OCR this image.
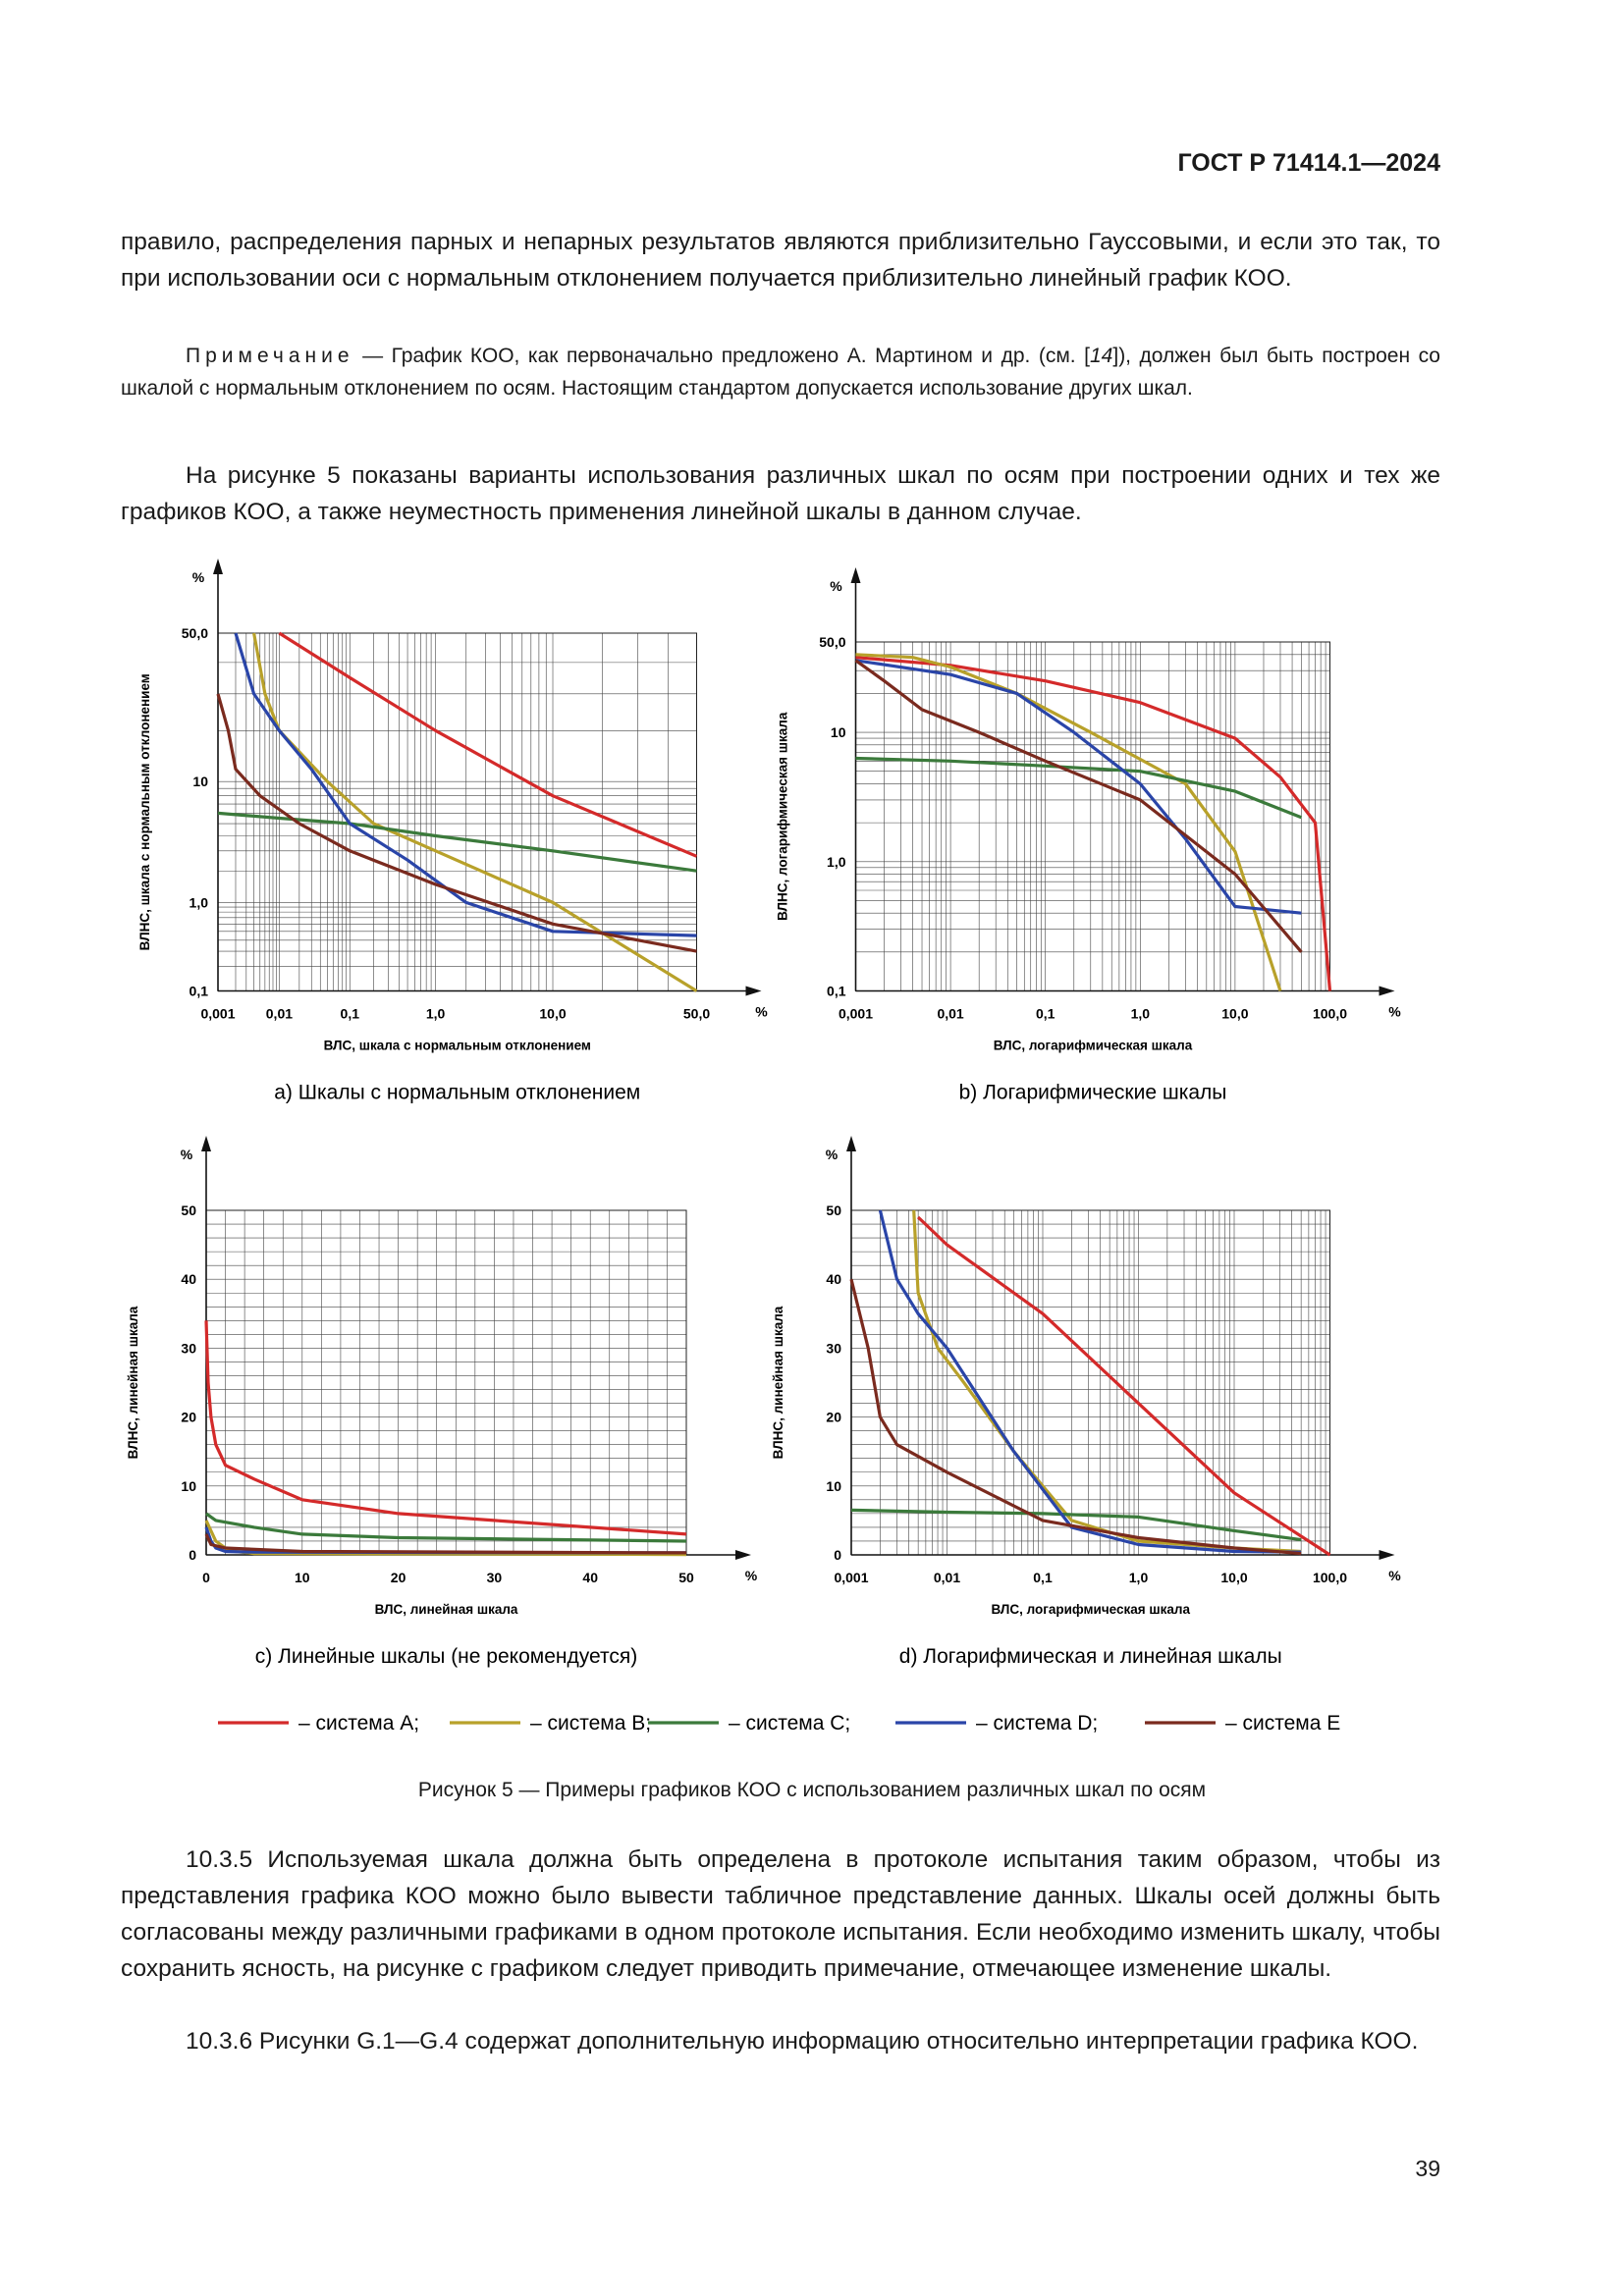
ГОСТ Р 71414.1—2024
правило, распределения парных и непарных результатов являются приблизительно Гауссовыми, и если это так, то при использовании оси с нормальным отклонением получается приблизительно линейный график КОО.
Примечание — График КОО, как первоначально предложено А. Мартином и др. (см. [14]), должен был быть построен со шкалой с нормальным отклонением по осям. Настоящим стандартом допускается использование других шкал.
На рисунке 5 показаны варианты использования различных шкал по осям при построении одних и тех же графиков КОО, а также неуместность применения линейной шкалы в данном случае.
%
%
0,1
1,0
10
50,0
0,001 0,01	0,1	1,0	10,0	50,0
ВЛС, шкала с нормальным отклонением
ВЛНС, шкала с нормальным отклонением
а) Шкалы с нормальным отклонением
%
%
0,1
1,0
10
50,0
0,001	0,01	0,1	1,0	10,0	100,0
ВЛС, логарифмическая шкала
ВЛНС, логарифмическая шкала
b) Логарифмические шкалы
%
%
0
10
20
30
40
50
0	10	20	30	40	50
ВЛС, линейная шкала
ВЛНС, линейная шкала
с) Линейные шкалы (не рекомендуется)
%
%
0
10
20
30
40
50
0,001	0,01	0,1	1,0	10,0	100,0
ВЛС, логарифмическая шкала
ВЛНС, линейная шкала
d) Логарифмическая и линейная шкалы
– система А;	– система В;	– система С;	– система D;	– система Е
Рисунок 5 — Примеры графиков КОО с использованием различных шкал по осям
10.3.5 Используемая шкала должна быть определена в протоколе испытания таким образом, чтобы из представления графика КОО можно было вывести табличное представление данных. Шкалы осей должны быть согласованы между различными графиками в одном протоколе испытания. Если необходимо изменить шкалу, чтобы сохранить ясность, на рисунке с графиком следует приводить примечание, отмечающее изменение шкалы.
10.3.6 Рисунки G.1—G.4 содержат дополнительную информацию относительно интерпретации графика КОО.
39
